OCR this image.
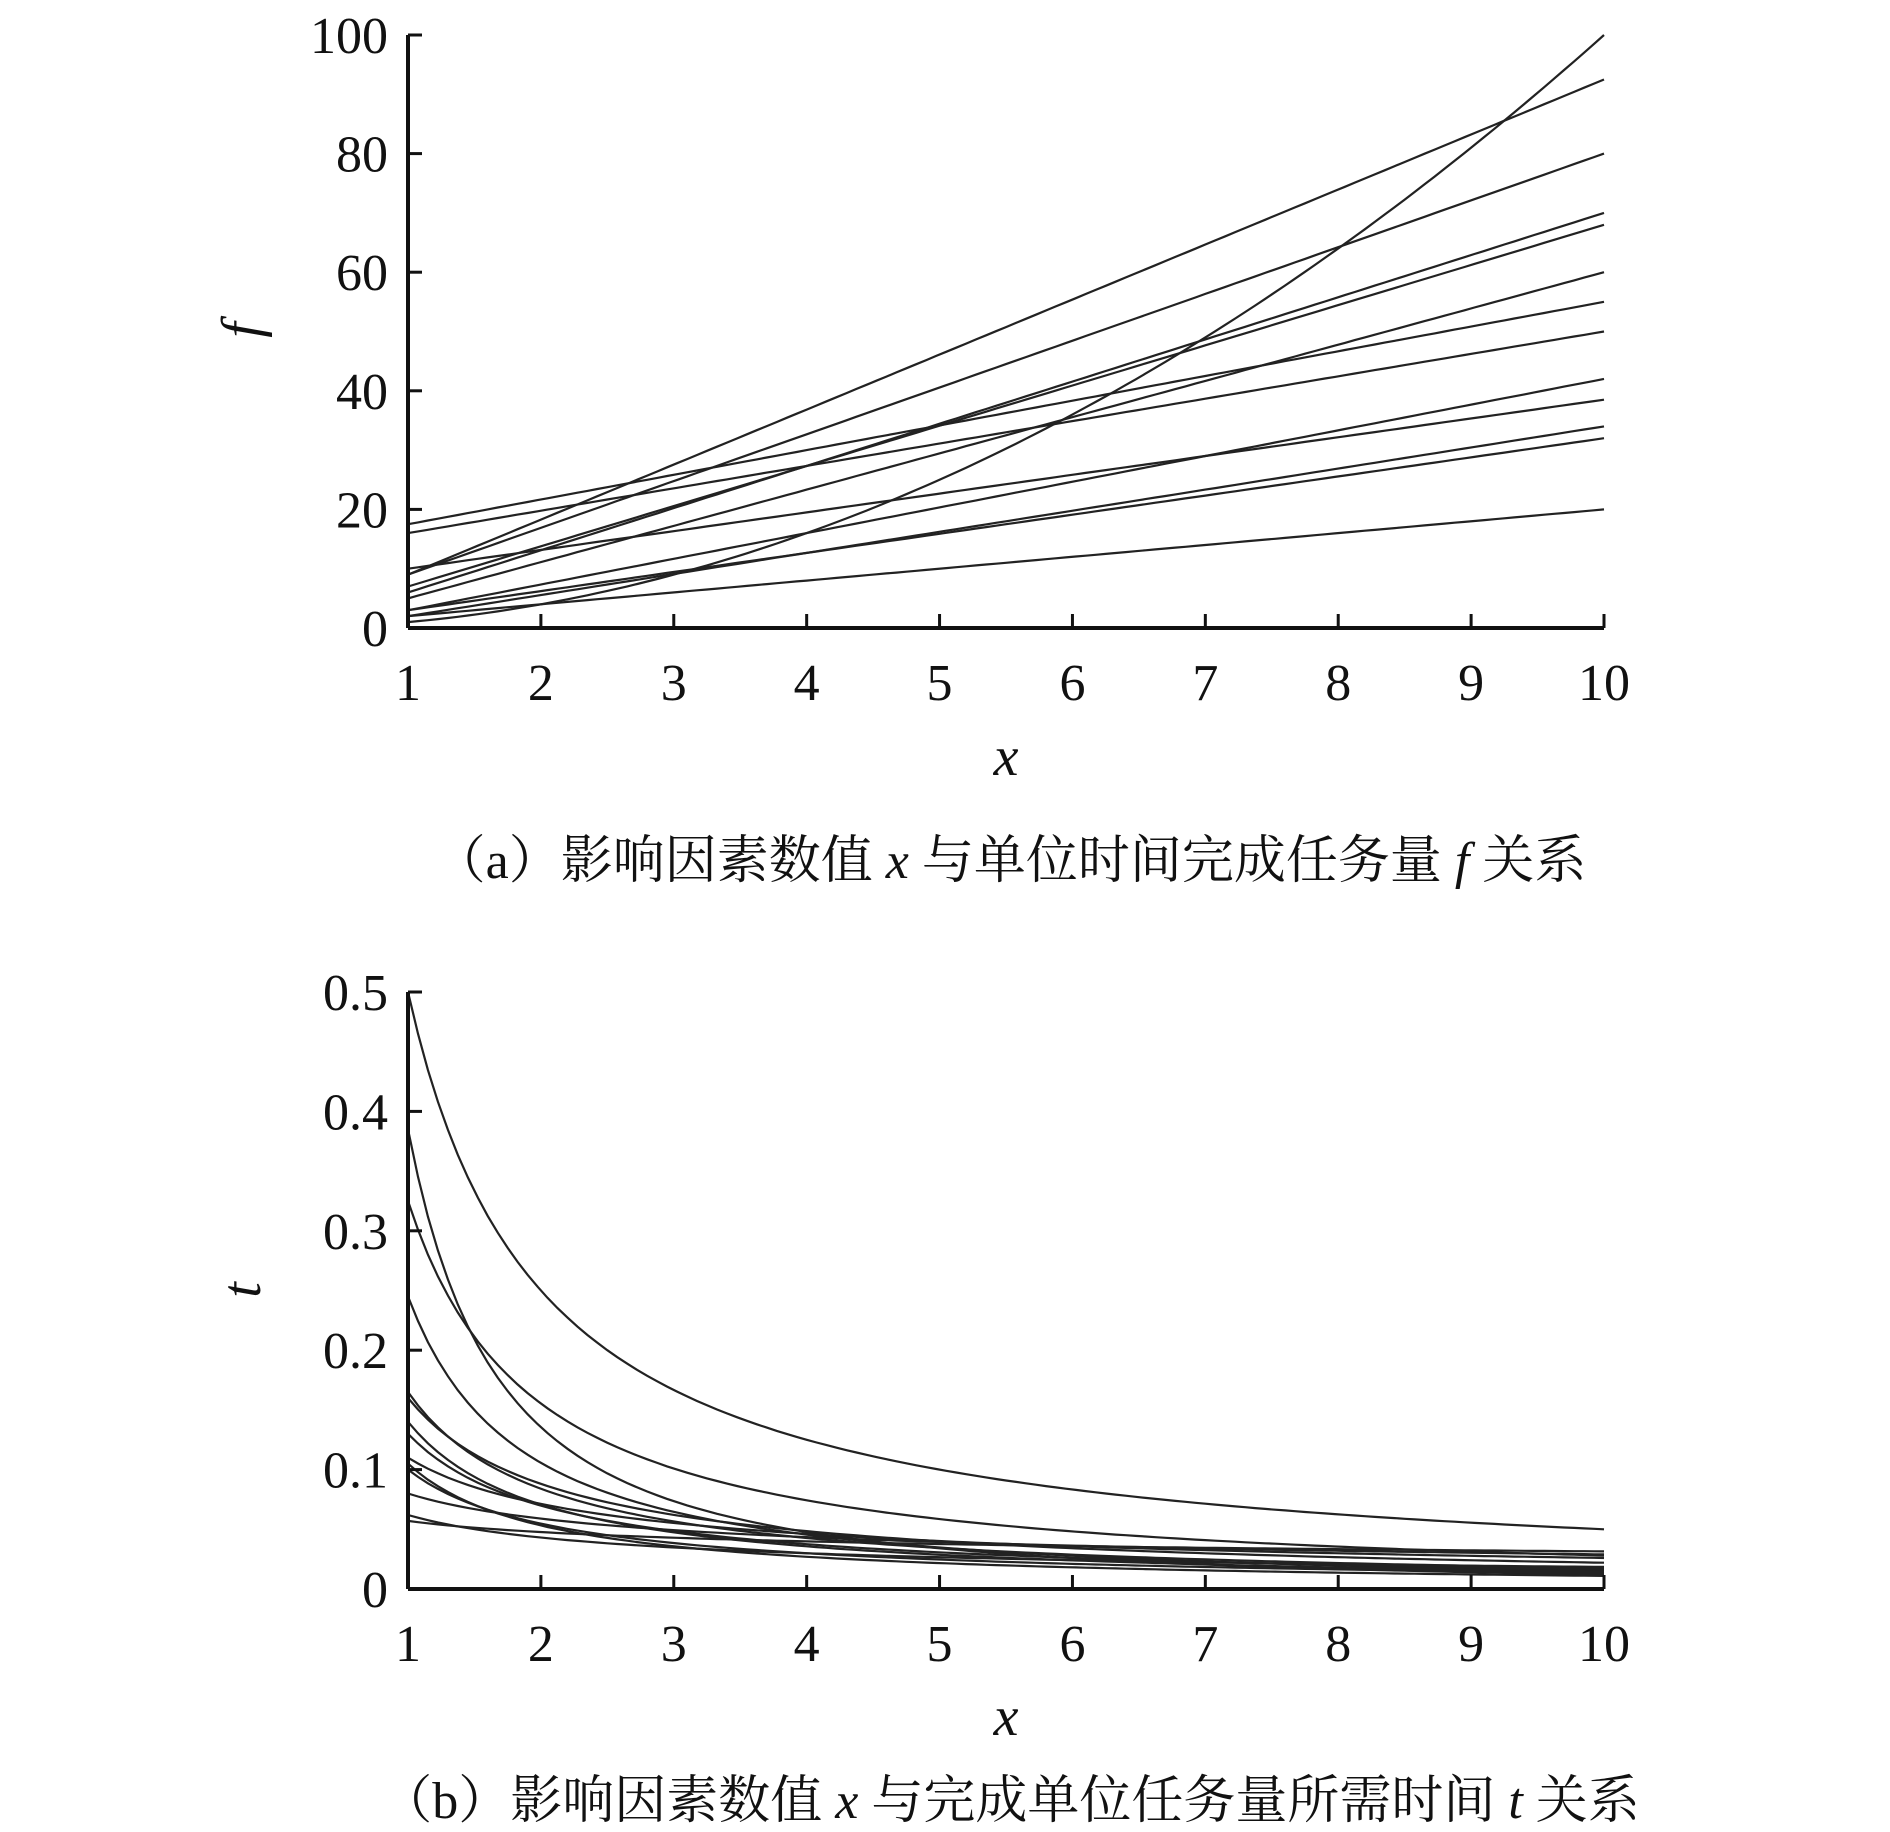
1 2 3 4 5 6 7 8 9 10
0
20
40
60
80
100
x
f
（a）影响因素数值 x 与单位时间完成任务量 f 关系
1 2 3 4 5 6 7 8 9 10
0
0.1
0.2
0.3
0.4
0.5
x
t
（b）影响因素数值 x 与完成单位任务量所需时间 t 关系
